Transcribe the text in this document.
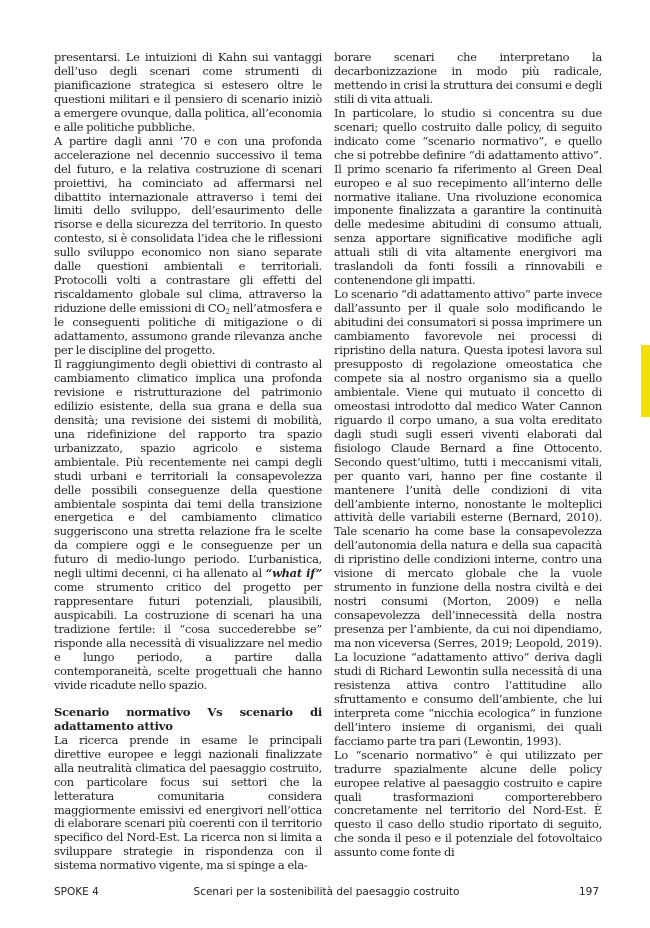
presentarsi. Le intuizioni di Kahn sui vantaggi dell’uso degli scenari come strumenti di pianificazione strategica si estesero oltre le questioni militari e il pensiero di scenario iniziò a emergere ovunque, dalla politica, all’economia e alle politiche pubbliche.

A partire dagli anni ’70 e con una profonda accelerazione nel decennio successivo il tema del futuro, e la relativa costruzione di scenari proiettivi, ha cominciato ad affermarsi nel dibattito internazionale attraverso i temi dei limiti dello sviluppo, dell’esaurimento delle risorse e della sicurezza del territorio. In questo contesto, si è consolidata l’idea che le riflessioni sullo sviluppo economico non siano separate dalle questioni ambientali e territoriali. Protocolli volti a contrastare gli effetti del riscaldamento globale sul clima, attraverso la riduzione delle emissioni di $CO_2$ nell’atmosfera e le conseguenti politiche di mitigazione o di adattamento, assumono grande rilevanza anche per le discipline del progetto.

Il raggiungimento degli obiettivi di contrasto al cambiamento climatico implica una profonda revisione e ristrutturazione del patrimonio edilizio esistente, della sua grana e della sua densità; una revisione dei sistemi di mobilità, una ridefinizione del rapporto tra spazio urbanizzato, spazio agricolo e sistema ambientale. Più recentemente nei campi degli studi urbani e territoriali la consapevolezza delle possibili conseguenze della questione ambientale sospinta dai temi della transizione energetica e del cambiamento climatico suggeriscono una stretta relazione fra le scelte da compiere oggi e le conseguenze per un futuro di medio-lungo periodo. L’urbanistica, negli ultimi decenni, ci ha allenato al “what if” come strumento critico del progetto per rappresentare futuri potenziali, plausibili, auspicabili. La costruzione di scenari ha una tradizione fertile: il “cosa succederebbe se” risponde alla necessità di visualizzare nel medio e lungo periodo, a partire dalla contemporaneità, scelte progettuali che hanno vivide ricadute nello spazio.

Scenario normativo Vs scenario di adattamento attivo

La ricerca prende in esame le principali direttive europee e leggi nazionali finalizzate alla neutralità climatica del paesaggio costruito, con particolare focus sui settori che la letteratura comunitaria considera maggiormente emissivi ed energivori nell’ottica di elaborare scenari più coerenti con il territorio specifico del Nord-Est. La ricerca non si limita a sviluppare strategie in rispondenza con il sistema normativo vigente, ma si spinge a ela-

borare scenari che interpretano la decarbonizzazione in modo più radicale, mettendo in crisi la struttura dei consumi e degli stili di vita attuali.

In particolare, lo studio si concentra su due scenari; quello costruito dalle policy, di seguito indicato come “scenario normativo”, e quello che si potrebbe definire “di adattamento attivo”. Il primo scenario fa riferimento al Green Deal europeo e al suo recepimento all’interno delle normative italiane. Una rivoluzione economica imponente finalizzata a garantire la continuità delle medesime abitudini di consumo attuali, senza apportare significative modifiche agli attuali stili di vita altamente energivori ma traslandoli da fonti fossili a rinnovabili e contenendone gli impatti.

Lo scenario “di adattamento attivo” parte invece dall’assunto per il quale solo modificando le abitudini dei consumatori si possa imprimere un cambiamento favorevole nei processi di ripristino della natura. Questa ipotesi lavora sul presupposto di regolazione omeostatica che compete sia al nostro organismo sia a quello ambientale. Viene qui mutuato il concetto di omeostasi introdotto dal medico Water Cannon riguardo il corpo umano, a sua volta ereditato dagli studi sugli esseri viventi elaborati dal fisiologo Claude Bernard a fine Ottocento. Secondo quest’ultimo, tutti i meccanismi vitali, per quanto vari, hanno per fine costante il mantenere l’unità delle condizioni di vita dell’ambiente interno, nonostante le molteplici attività delle variabili esterne (Bernard, 2010). Tale scenario ha come base la consapevolezza dell’autonomia della natura e della sua capacità di ripristino delle condizioni interne, contro una visione di mercato globale che la vuole strumento in funzione della nostra civiltà e dei nostri consumi (Morton, 2009) e nella consapevolezza dell’innecessità della nostra presenza per l’ambiente, da cui noi dipendiamo, ma non viceversa (Serres, 2019; Leopold, 2019). La locuzione “adattamento attivo” deriva dagli studi di Richard Lewontin sulla necessità di una resistenza attiva contro l’attitudine allo sfruttamento e consumo dell’ambiente, che lui interpreta come “nicchia ecologica” in funzione dell’intero insieme di organismi, dei quali facciamo parte tra pari (Lewontin, 1993).

Lo “scenario normativo” è qui utilizzato per tradurre spazialmente alcune delle policy europee relative al paesaggio costruito e capire quali trasformazioni comporterebbero concretamente nel territorio del Nord-Est. È questo il caso dello studio riportato di seguito, che sonda il peso e il potenziale del fotovoltaico assunto come fonte di

SPOKE 4	Scenari per la sostenibilità del paesaggio costruito	197
